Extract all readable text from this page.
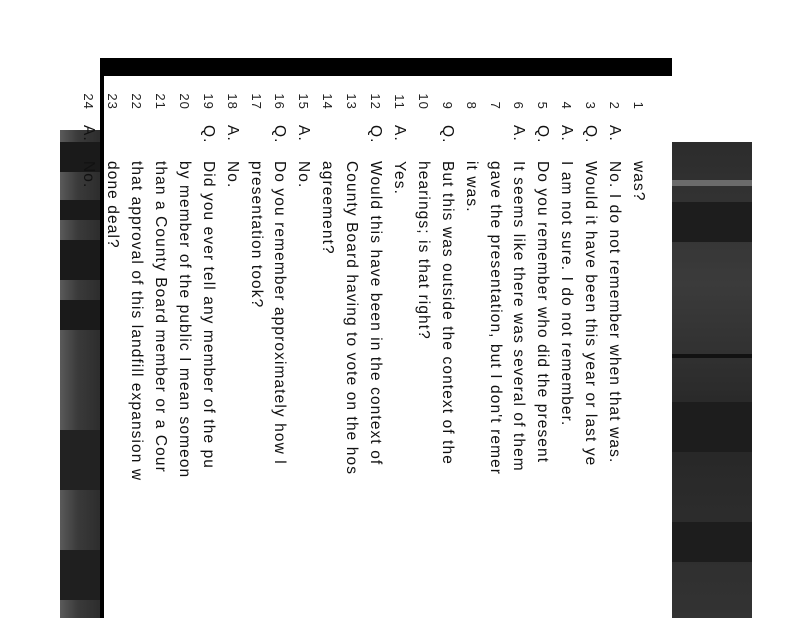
1
was?
2
A.
No. I do not remember when that was.
3
Q.
Would it have been this year or last ye
4
A.
I am not sure. I do not remember.
5
Q.
Do you remember who did the present
6
A.
It seems like there was several of them
7
gave the presentation, but I don't remer
8
it was.
9
Q.
But this was outside the context of the
10
hearings; is that right?
11
A.
Yes.
12
Q.
Would this have been in the context of
13
County Board having to vote on the hos
14
agreement?
15
A.
No.
16
Q.
Do you remember approximately how l
17
presentation took?
18
A.
No.
19
Q.
Did you ever tell any member of the pu
20
by member of the public I mean someon
21
than a County Board member or a Cour
22
that approval of this landfill expansion w
23
done deal?
24
A.
No.
